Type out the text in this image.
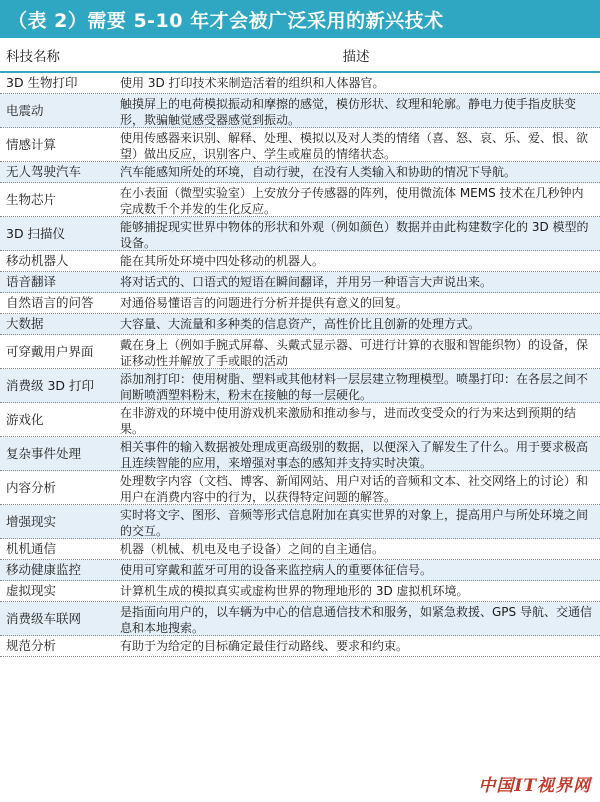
（表 2）需要 5-10 年才会被广泛采用的新兴技术
科技名称	描述
3D 生物打印	使用 3D 打印技术来制造活着的组织和人体器官。
电震动	触摸屏上的电荷模拟振动和摩擦的感觉，模仿形状、纹理和轮廓。静电力使手指皮肤变形，欺骗触觉感受器感觉到振动。
情感计算	使用传感器来识别、解释、处理、模拟以及对人类的情绪（喜、怒、哀、乐、爱、恨、欲望）做出反应，识别客户、学生或雇员的情绪状态。
无人驾驶汽车	汽车能感知所处的环境，自动行驶，在没有人类输入和协助的情况下导航。
生物芯片	在小表面（微型实验室）上安放分子传感器的阵列，使用微流体 MEMS 技术在几秒钟内完成数千个并发的生化反应。
3D 扫描仪	能够捕捉现实世界中物体的形状和外观（例如颜色）数据并由此构建数字化的 3D 模型的设备。
移动机器人	能在其所处环境中四处移动的机器人。
语音翻译	将对话式的、口语式的短语在瞬间翻译，并用另一种语言大声说出来。
自然语言的问答	对通俗易懂语言的问题进行分析并提供有意义的回复。
大数据	大容量、大流量和多种类的信息资产，高性价比且创新的处理方式。
可穿戴用户界面	戴在身上（例如手腕式屏幕、头戴式显示器、可进行计算的衣服和智能织物）的设备，保证移动性并解放了手或眼的活动
消费级 3D 打印	添加剂打印：使用树脂、塑料或其他材料一层层建立物理模型。喷墨打印：在各层之间不间断喷洒塑料粉末，粉末在接触的每一层硬化。
游戏化	在非游戏的环境中使用游戏机来激励和推动参与，进而改变受众的行为来达到预期的结果。
复杂事件处理	相关事件的输入数据被处理成更高级别的数据，以便深入了解发生了什么。用于要求极高且连续智能的应用，来增强对事态的感知并支持实时决策。
内容分析	处理数字内容（文档、博客、新闻网站、用户对话的音频和文本、社交网络上的讨论）和用户在消费内容中的行为，以获得特定问题的解答。
增强现实	实时将文字、图形、音频等形式信息附加在真实世界的对象上，提高用户与所处环境之间的交互。
机机通信	机器（机械、机电及电子设备）之间的自主通信。
移动健康监控	使用可穿戴和蓝牙可用的设备来监控病人的重要体征信号。
虚拟现实	计算机生成的模拟真实或虚构世界的物理地形的 3D 虚拟机环境。
消费级车联网	是指面向用户的，以车辆为中心的信息通信技术和服务，如紧急救援、GPS 导航、交通信息和本地搜索。
规范分析	有助于为给定的目标确定最佳行动路线、要求和约束。
中国IT视界网
